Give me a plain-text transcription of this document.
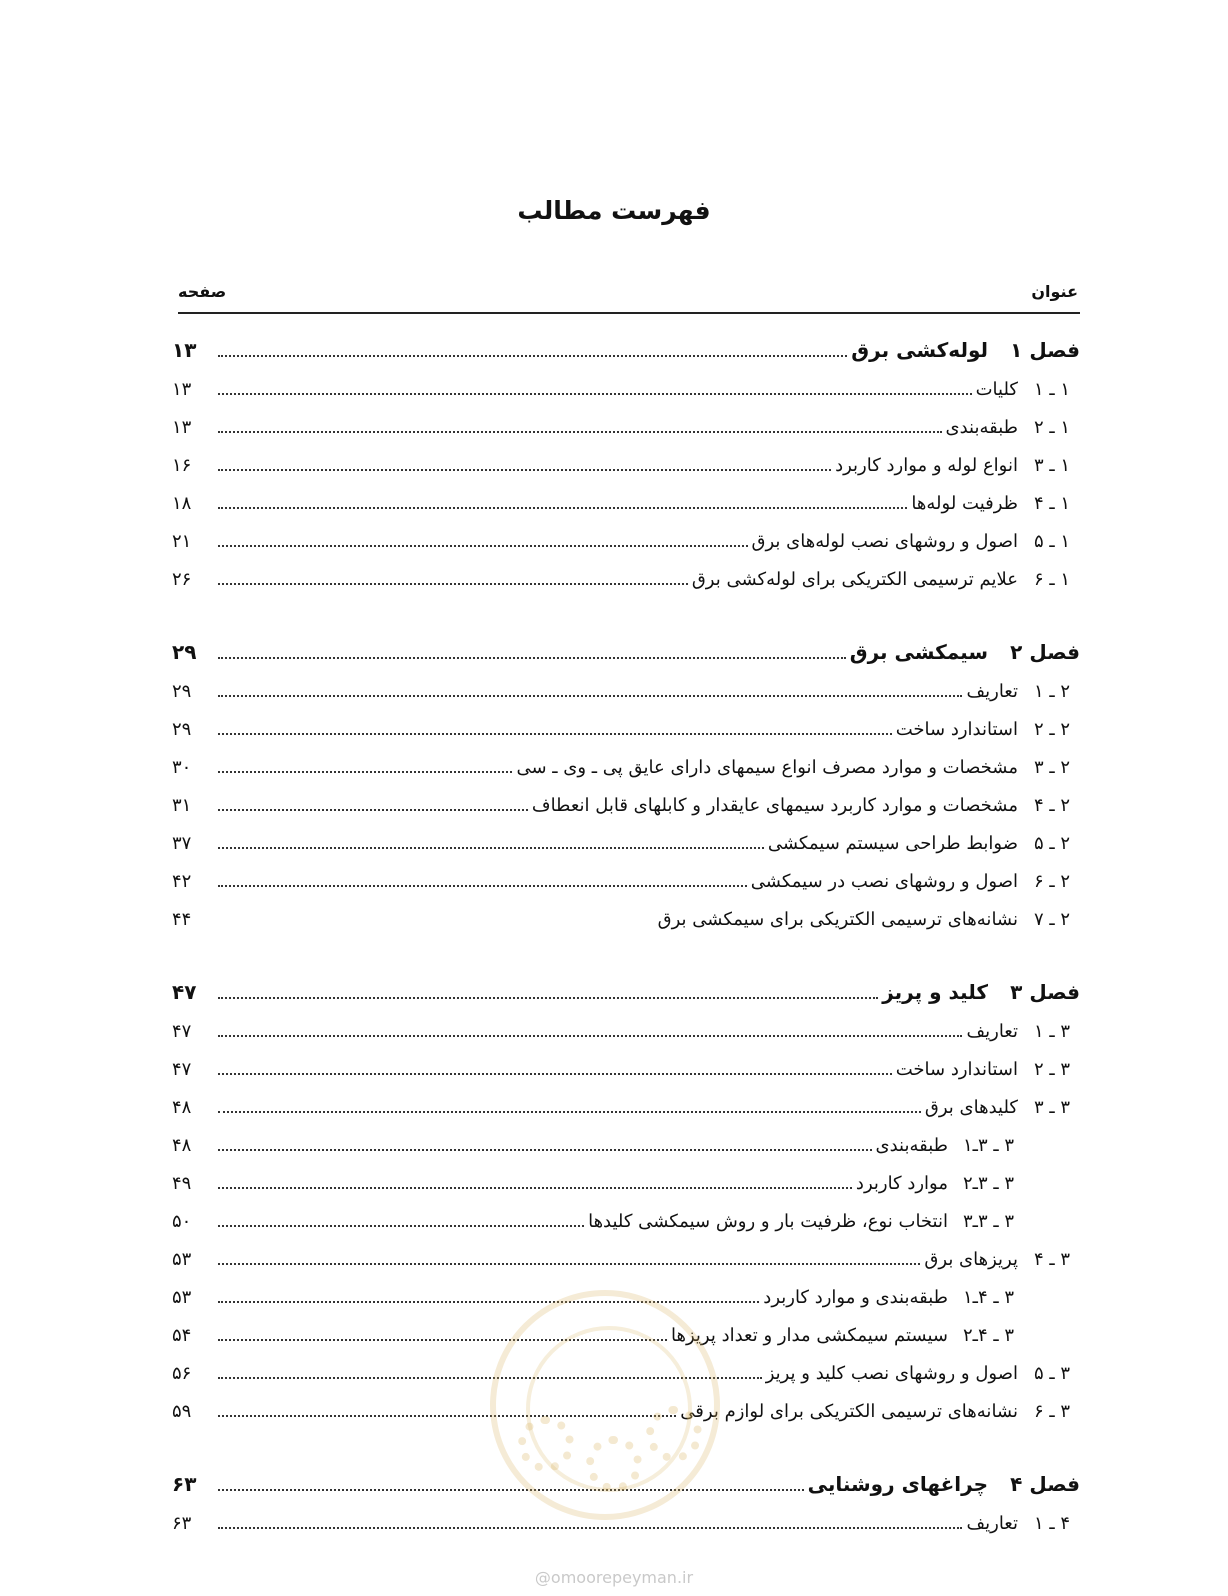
فهرست مطالب
عنوان
صفحه
فصل ۱
لوله‌کشی برق
۱۳
۱ ـ ۱
کلیات
۱۳
۱ ـ ۲
طبقه‌بندی
۱۳
۱ ـ ۳
انواع لوله و موارد کاربرد
۱۶
۱ ـ ۴
ظرفیت لوله‌ها
۱۸
۱ ـ ۵
اصول و روشهای نصب لوله‌های برق
۲۱
۱ ـ ۶
علایم ترسیمی الکتریکی برای لوله‌کشی برق
۲۶
فصل ۲
سیمکشی برق
۲۹
۲ ـ ۱
تعاریف
۲۹
۲ ـ ۲
استاندارد ساخت
۲۹
۲ ـ ۳
مشخصات و موارد مصرف انواع سیمهای دارای عایق پی ـ وی ـ سی
۳۰
۲ ـ ۴
مشخصات و موارد کاربرد سیمهای عایقدار و کابلهای قابل انعطاف
۳۱
۲ ـ ۵
ضوابط طراحی سیستم سیمکشی
۳۷
۲ ـ ۶
اصول و روشهای نصب در سیمکشی
۴۲
۲ ـ ۷
نشانه‌های ترسیمی الکتریکی برای سیمکشی برق
۴۴
فصل ۳
کلید و پریز
۴۷
۳ ـ ۱
تعاریف
۴۷
۳ ـ ۲
استاندارد ساخت
۴۷
۳ ـ ۳
کلیدهای برق
۴۸
۳ ـ ۳ـ۱
طبقه‌بندی
۴۸
۳ ـ ۳ـ۲
موارد کاربرد
۴۹
۳ ـ ۳ـ۳
انتخاب نوع، ظرفیت بار و روش سیمکشی کلیدها
۵۰
۳ ـ ۴
پریزهای برق
۵۳
۳ ـ ۴ـ۱
طبقه‌بندی و موارد کاربرد
۵۳
۳ ـ ۴ـ۲
سیستم سیمکشی مدار و تعداد پریزها
۵۴
۳ ـ ۵
اصول و روشهای نصب کلید و پریز
۵۶
۳ ـ ۶
نشانه‌های ترسیمی الکتریکی برای لوازم برقی
۵۹
فصل ۴
چراغهای روشنایی
۶۳
۴ ـ ۱
تعاریف
۶۳
@omoorepeyman.ir
